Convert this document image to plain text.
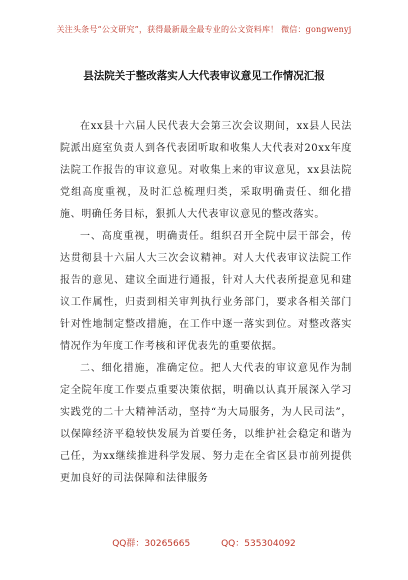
关注头条号“公文研究”，获得最新最全最专业的公文资料库！ 微信：gongwenyj
县法院关于整改落实人大代表审议意见工作情况汇报

在xx县十六届人民代表大会第三次会议期间，xx县人民法院派出庭室负责人到各代表团听取和收集人大代表对20xx年度法院工作报告的审议意见。对收集上来的审议意见，xx县法院党组高度重视，及时汇总梳理归类，采取明确责任、细化措施、明确任务目标，狠抓人大代表审议意见的整改落实。

一、高度重视，明确责任。组织召开全院中层干部会，传达贯彻县十六届人大三次会议精神。对人大代表审议法院工作报告的意见、建议全面进行通报，针对人大代表所提意见和建议工作属性，归责到相关审判执行业务部门，要求各相关部门针对性地制定整改措施，在工作中逐一落实到位。对整改落实情况作为年度工作考核和评优表先的重要依据。

二、细化措施，准确定位。把人大代表的审议意见作为制定全院年度工作要点重要决策依据，明确以认真开展深入学习实践党的二十大精神活动，坚持“为大局服务，为人民司法”，以保障经济平稳较快发展为首要任务，以维护社会稳定和谐为己任，为xx继续推进科学发展、努力走在全省区县市前列提供更加良好的司法保障和法律服务

QQ群：30265665	QQ：535304092
